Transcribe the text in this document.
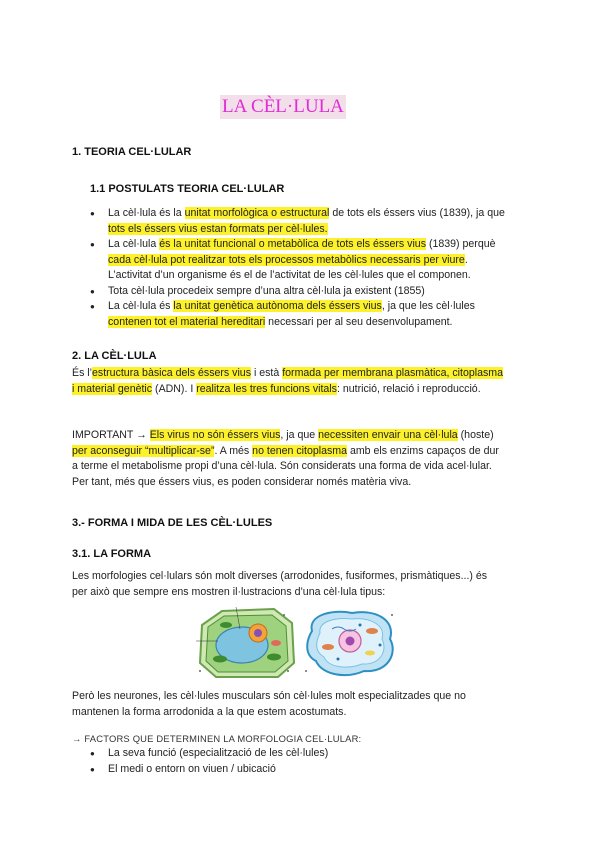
LA CÈL·LULA
1. TEORIA CEL·LULAR
1.1 POSTULATS TEORIA CEL·LULAR
● La cèl·lula és la unitat morfològica o estructural de tots els éssers vius (1839), ja que
tots els éssers vius estan formats per cèl·lules.
● La cèl·lula és la unitat funcional o metabòlica de tots els éssers vius (1839) perquè
cada cèl·lula pot realitzar tots els processos metabòlics necessaris per viure.
L’activitat d’un organisme és el de l’activitat de les cèl·lules que el componen.
● Tota cèl·lula procedeix sempre d’una altra cèl·lula ja existent (1855)
● La cèl·lula és la unitat genètica autònoma dels éssers vius, ja que les cèl·lules
contenen tot el material hereditari necessari per al seu desenvolupament.
2. LA CÈL·LULA
És l’estructura bàsica dels éssers vius i està formada per membrana plasmàtica, citoplasma
i material genètic (ADN). I realitza les tres funcions vitals: nutrició, relació i reproducció.
IMPORTANT → Els virus no són éssers vius, ja que necessiten envair una cèl·lula (hoste)
per aconseguir “multiplicar-se”. A més no tenen citoplasma amb els enzims capaços de dur
a terme el metabolisme propi d’una cèl·lula. Són considerats una forma de vida acel·lular.
Per tant, més que éssers vius, es poden considerar només matèria viva.
3.- FORMA I MIDA DE LES CÈL·LULES
3.1. LA FORMA
Les morfologies cel·lulars són molt diverses (arrodonides, fusiformes, prismàtiques...) és
per això que sempre ens mostren il·lustracions d’una cèl·lula tipus:
Però les neurones, les cèl·lules musculars són cèl·lules molt especialitzades que no
mantenen la forma arrodonida a la que estem acostumats.
→ FACTORS QUE DETERMINEN LA MORFOLOGIA CEL·LULAR:
● La seva funció (especialització de les cèl·lules)
● El medi o entorn on viuen / ubicació
